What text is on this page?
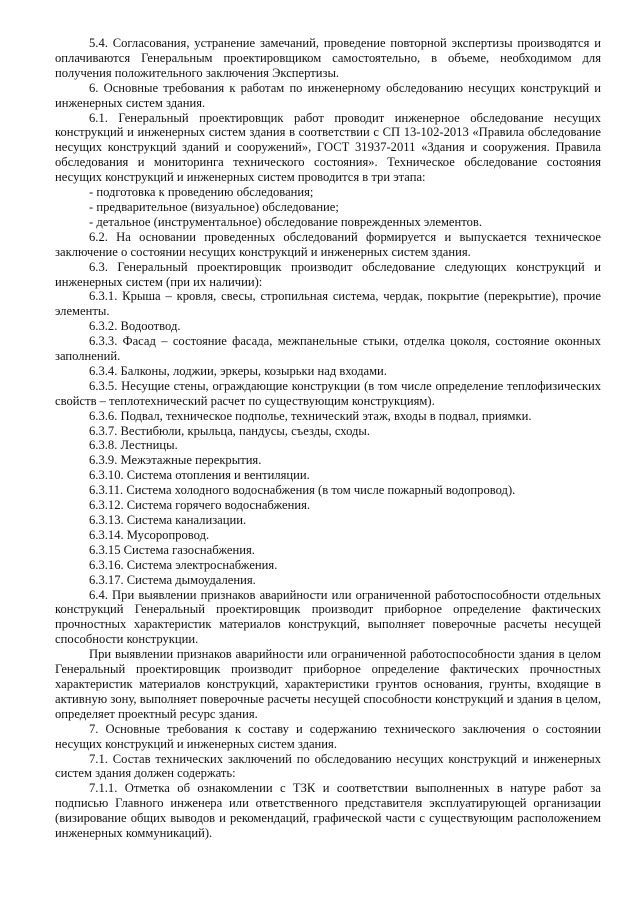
5.4. Согласования, устранение замечаний, проведение повторной экспертизы производятся и оплачиваются Генеральным проектировщиком самостоятельно, в объеме, необходимом для получения положительного заключения Экспертизы.

6. Основные требования к работам по инженерному обследованию несущих конструкций и инженерных систем здания.

6.1. Генеральный проектировщик работ проводит инженерное обследование несущих конструкций и инженерных систем здания в соответствии с СП 13-102-2013 «Правила обследование несущих конструкций зданий и сооружений», ГОСТ 31937-2011 «Здания и сооружения. Правила обследования и мониторинга технического состояния». Техническое обследование состояния несущих конструкций и инженерных систем проводится в три этапа:

- подготовка к проведению обследования;

- предварительное (визуальное) обследование;

- детальное (инструментальное) обследование поврежденных элементов.

6.2. На основании проведенных обследований формируется и выпускается техническое заключение о состоянии несущих конструкций и инженерных систем здания.

6.3. Генеральный проектировщик производит обследование следующих конструкций и инженерных систем (при их наличии):

6.3.1. Крыша – кровля, свесы, стропильная система, чердак, покрытие (перекрытие), прочие элементы.

6.3.2. Водоотвод.

6.3.3. Фасад – состояние фасада, межпанельные стыки, отделка цоколя, состояние оконных заполнений.

6.3.4. Балконы, лоджии, эркеры, козырьки над входами.

6.3.5. Несущие стены, ограждающие конструкции (в том числе определение теплофизических свойств – теплотехнический расчет по существующим конструкциям).

6.3.6. Подвал, техническое подполье, технический этаж, входы в подвал, приямки.

6.3.7. Вестибюли, крыльца, пандусы, съезды, сходы.

6.3.8. Лестницы.

6.3.9. Межэтажные перекрытия.

6.3.10. Система отопления и вентиляции.

6.3.11. Система холодного водоснабжения (в том числе пожарный водопровод).

6.3.12. Система горячего водоснабжения.

6.3.13. Система канализации.

6.3.14. Мусоропровод.

6.3.15 Система газоснабжения.

6.3.16. Система электроснабжения.

6.3.17. Система дымоудаления.

6.4. При выявлении признаков аварийности или ограниченной работоспособности отдельных конструкций Генеральный проектировщик производит приборное определение фактических прочностных характеристик материалов конструкций, выполняет поверочные расчеты несущей способности конструкции.

При выявлении признаков аварийности или ограниченной работоспособности здания в целом Генеральный проектировщик производит приборное определение фактических прочностных характеристик материалов конструкций, характеристики грунтов основания, грунты, входящие в активную зону, выполняет поверочные расчеты несущей способности конструкций и здания в целом, определяет проектный ресурс здания.

7. Основные требования к составу и содержанию технического заключения о состоянии несущих конструкций и инженерных систем здания.

7.1. Состав технических заключений по обследованию несущих конструкций и инженерных систем здания должен содержать:

7.1.1. Отметка об ознакомлении с ТЗК и соответствии выполненных в натуре работ за подписью Главного инженера или ответственного представителя эксплуатирующей организации (визирование общих выводов и рекомендаций, графической части с существующим расположением инженерных коммуникаций).
